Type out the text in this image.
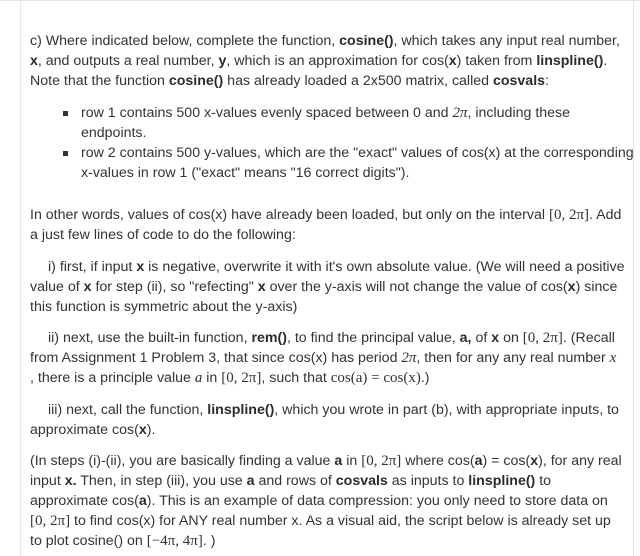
c) Where indicated below, complete the function, cosine(), which takes any input real number,
x, and outputs a real number, y, which is an approximation for cos(x) taken from linspline().
Note that the function cosine() has already loaded a 2x500 matrix, called cosvals:

row 1 contains 500 x-values evenly spaced between 0 and 2π, including these
endpoints.
row 2 contains 500 y-values, which are the "exact" values of cos(x) at the corresponding
x-values in row 1 ("exact" means "16 correct digits").

In other words, values of cos(x) have already been loaded, but only on the interval [0, 2π]. Add
a just few lines of code to do the following:

i) first, if input x is negative, overwrite it with it's own absolute value. (We will need a positive
value of x for step (ii), so "refecting" x over the y-axis will not change the value of cos(x) since
this function is symmetric about the y-axis)

ii) next, use the built-in function, rem(), to find the principal value, a, of x on [0, 2π]. (Recall
from Assignment 1 Problem 3, that since cos(x) has period 2π, then for any any real number x
, there is a principle value a in [0, 2π], such that cos(a) = cos(x).)

iii) next, call the function, linspline(), which you wrote in part (b), with appropriate inputs, to
approximate cos(x).

(In steps (i)-(ii), you are basically finding a value a in [0, 2π] where cos(a) = cos(x), for any real
input x. Then, in step (iii), you use a and rows of cosvals as inputs to linspline() to
approximate cos(a). This is an example of data compression: you only need to store data on
[0, 2π] to find cos(x) for ANY real number x. As a visual aid, the script below is already set up
to plot cosine() on [−4π, 4π]. )
